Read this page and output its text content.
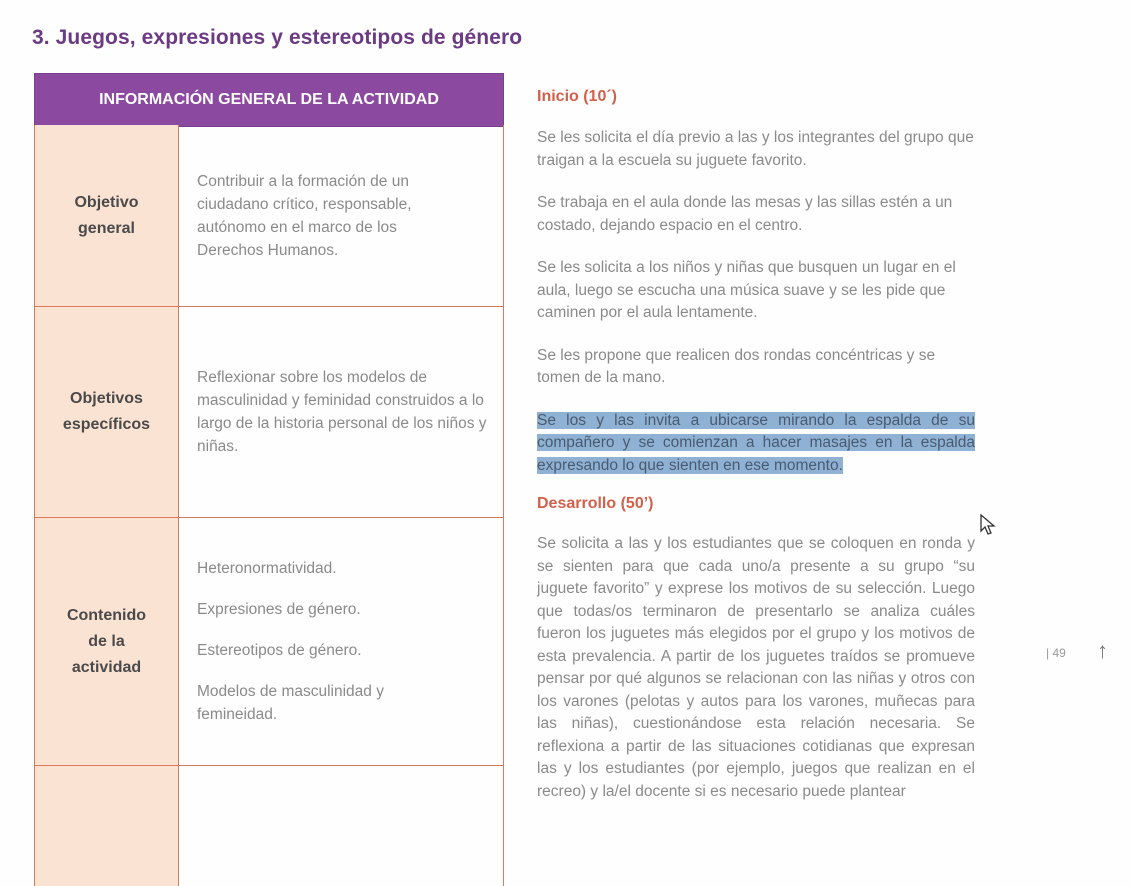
3. Juegos, expresiones y estereotipos de género
INFORMACIÓN GENERAL DE LA ACTIVIDAD
Objetivo general

Contribuir a la formación de un ciudadano crítico, responsable, autónomo en el marco de los Derechos Humanos.

Objetivos específicos

Reflexionar sobre los modelos de masculinidad y feminidad construidos a lo largo de la historia personal de los niños y niñas.

Contenido de la actividad

Heteronormatividad.

Expresiones de género.

Estereotipos de género.

Modelos de masculinidad y femineidad.

Inicio (10´)

Se les solicita el día previo a las y los integrantes del grupo que traigan a la escuela su juguete favorito.

Se trabaja en el aula donde las mesas y las sillas estén a un costado, dejando espacio en el centro.

Se les solicita a los niños y niñas que busquen un lugar en el aula, luego se escucha una música suave y se les pide que caminen por el aula lentamente.

Se les propone que realicen dos rondas concéntricas y se tomen de la mano.

Se los y las invita a ubicarse mirando la espalda de su compañero y se comienzan a hacer masajes en la espalda expresando lo que sienten en ese momento.

Desarrollo (50’)

Se solicita a las y los estudiantes que se coloquen en ronda y se sienten para que cada uno/a presente a su grupo “su juguete favorito” y exprese los motivos de su selección. Luego que todas/os terminaron de presentarlo se analiza cuáles fueron los juguetes más elegidos por el grupo y los motivos de esta prevalencia. A partir de los juguetes traídos se promueve pensar por qué algunos se relacionan con las niñas y otros con los varones (pelotas y autos para los varones, muñecas para las niñas), cuestionándose esta relación necesaria. Se reflexiona a partir de las situaciones cotidianas que expresan las y los estudiantes (por ejemplo, juegos que realizan en el recreo) y la/el docente si es necesario puede plantear

| 49 ↑
